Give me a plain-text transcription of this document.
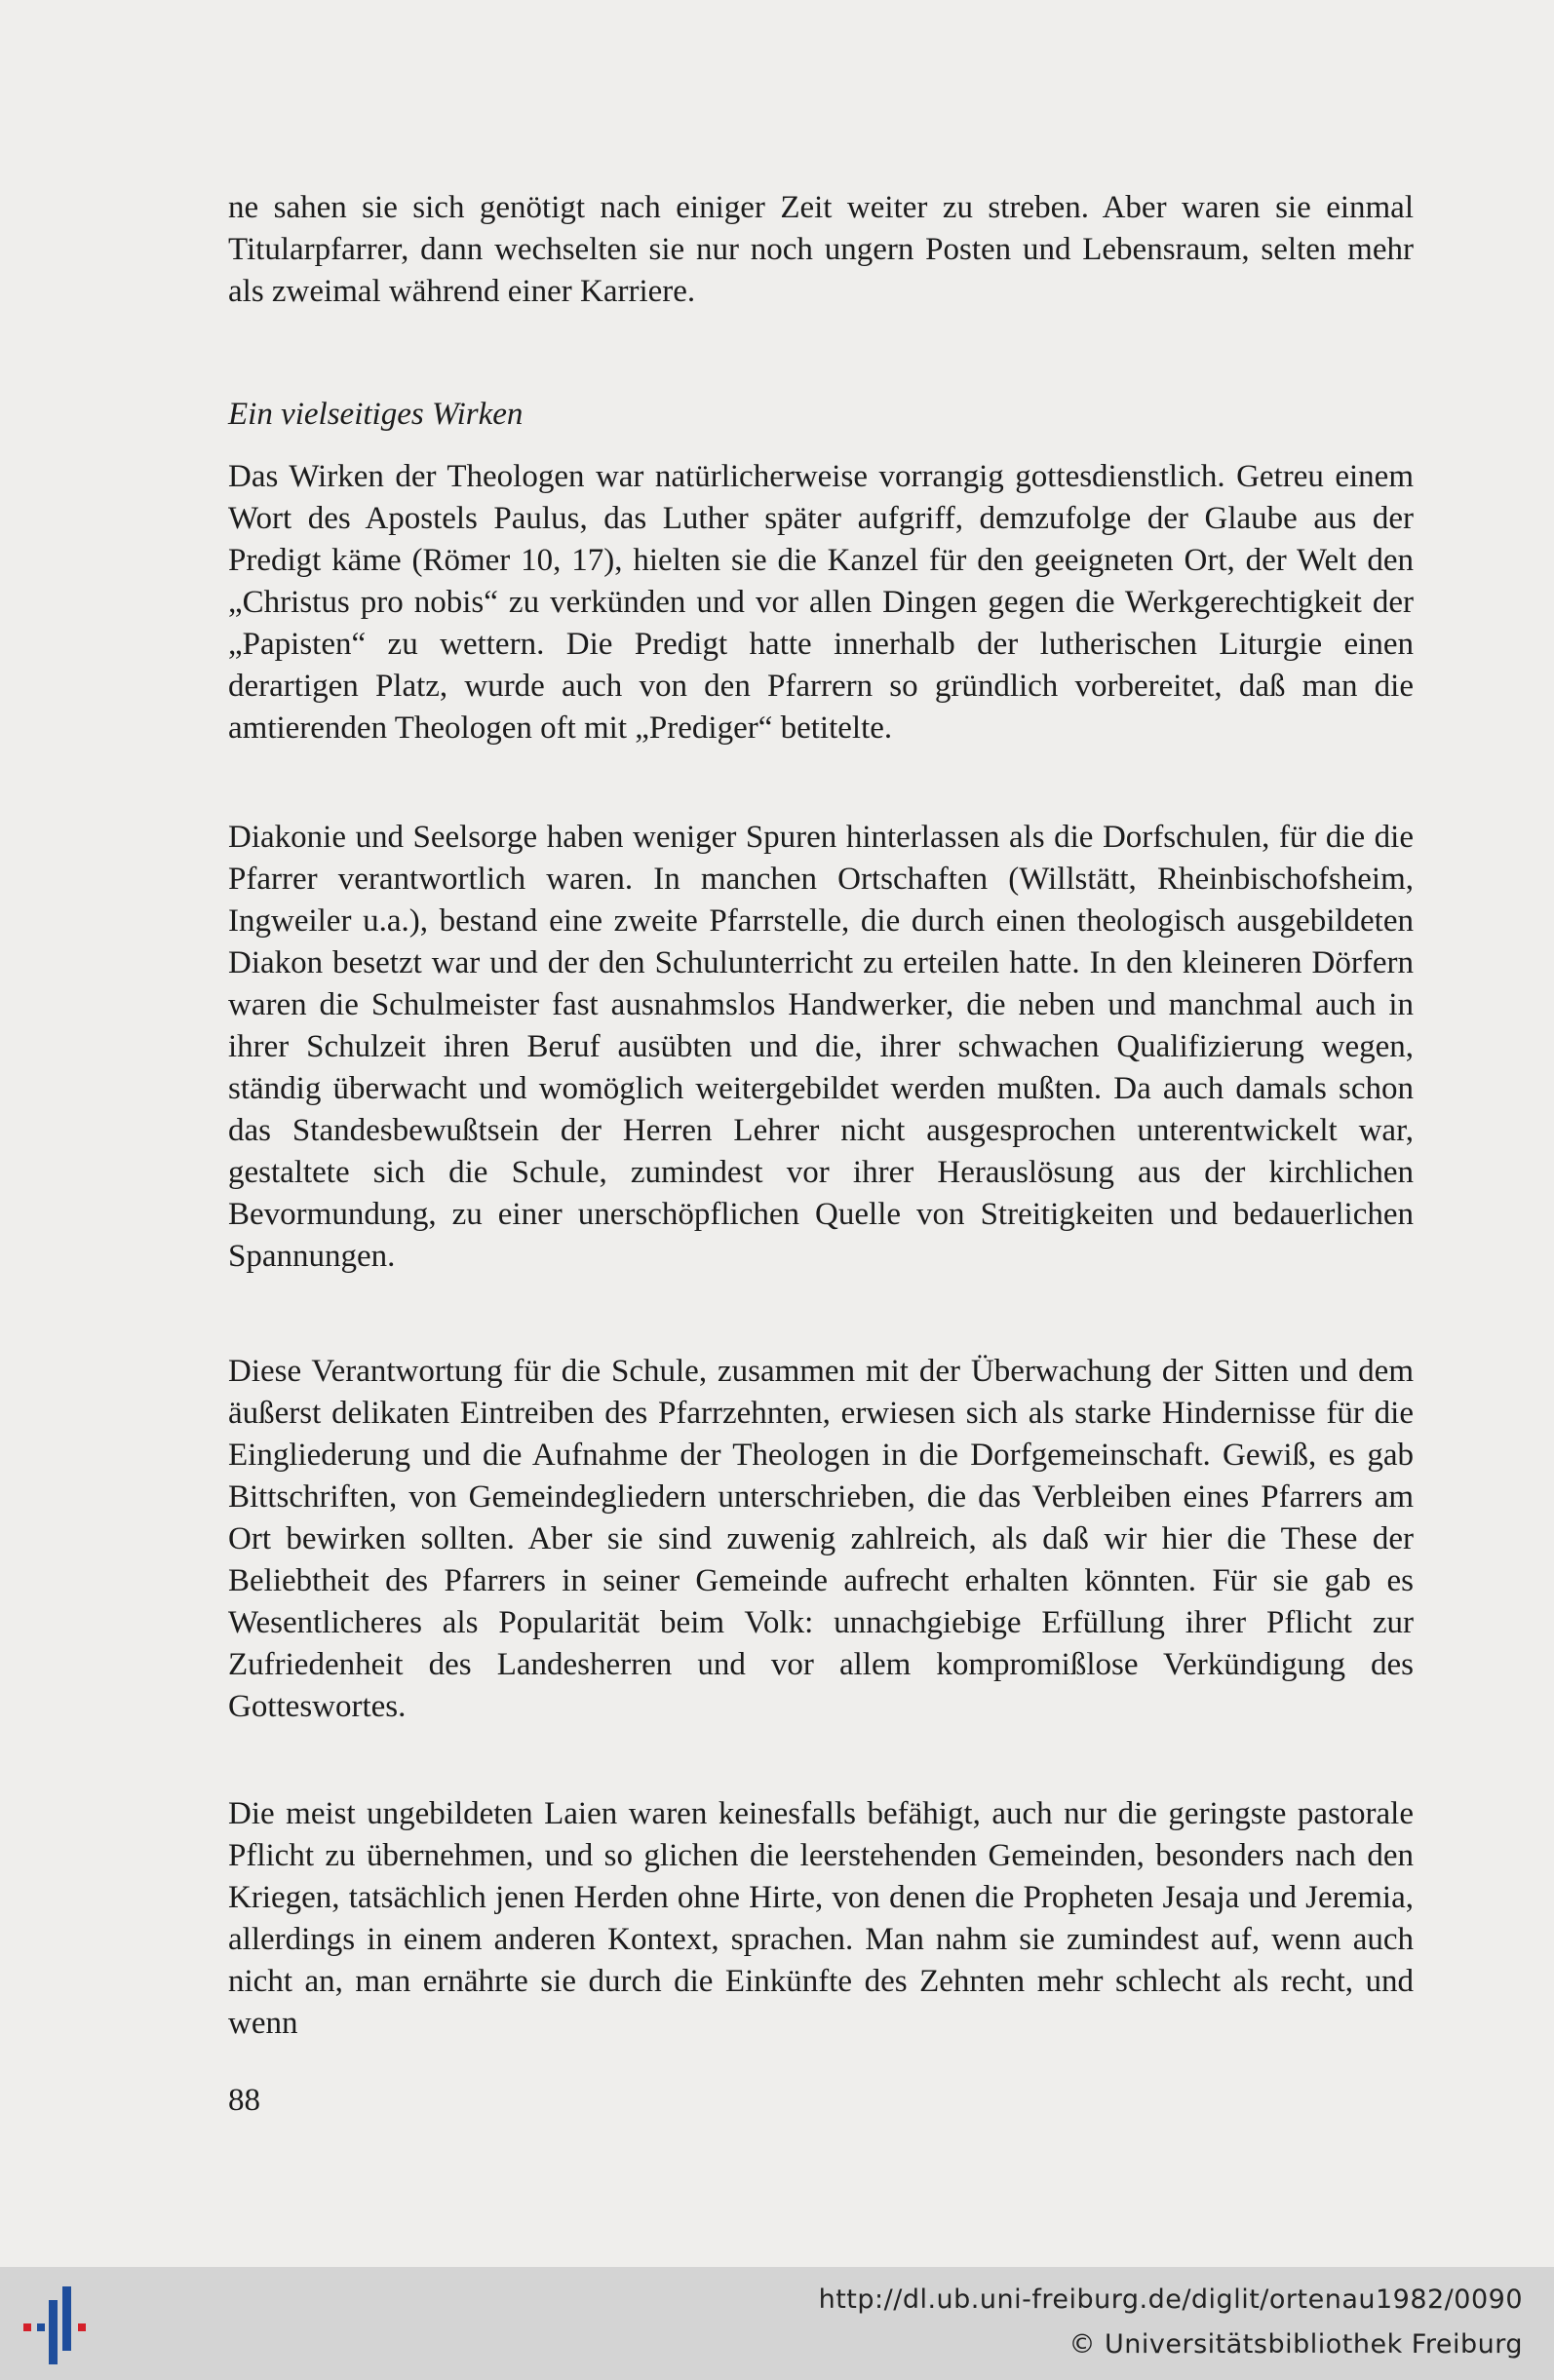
ne sahen sie sich genötigt nach einiger Zeit weiter zu streben. Aber waren sie einmal Titularpfarrer, dann wechselten sie nur noch ungern Posten und Lebensraum, selten mehr als zweimal während einer Karriere.

Ein vielseitiges Wirken

Das Wirken der Theologen war natürlicherweise vorrangig gottesdienstlich. Getreu einem Wort des Apostels Paulus, das Luther später aufgriff, demzufolge der Glaube aus der Predigt käme (Römer 10, 17), hielten sie die Kanzel für den geeigneten Ort, der Welt den „Christus pro nobis“ zu verkünden und vor allen Dingen gegen die Werkgerechtigkeit der „Papisten“ zu wettern. Die Predigt hatte innerhalb der lutherischen Liturgie einen derartigen Platz, wurde auch von den Pfarrern so gründlich vorbereitet, daß man die amtierenden Theologen oft mit „Prediger“ betitelte.

Diakonie und Seelsorge haben weniger Spuren hinterlassen als die Dorfschulen, für die die Pfarrer verantwortlich waren. In manchen Ortschaften (Willstätt, Rheinbischofsheim, Ingweiler u.a.), bestand eine zweite Pfarrstelle, die durch einen theologisch ausgebildeten Diakon besetzt war und der den Schulunterricht zu erteilen hatte. In den kleineren Dörfern waren die Schulmeister fast ausnahmslos Handwerker, die neben und manchmal auch in ihrer Schulzeit ihren Beruf ausübten und die, ihrer schwachen Qualifizierung wegen, ständig überwacht und womöglich weitergebildet werden mußten. Da auch damals schon das Standesbewußtsein der Herren Lehrer nicht ausgesprochen unterentwickelt war, gestaltete sich die Schule, zumindest vor ihrer Herauslösung aus der kirchlichen Bevormundung, zu einer unerschöpflichen Quelle von Streitigkeiten und bedauerlichen Spannungen.

Diese Verantwortung für die Schule, zusammen mit der Überwachung der Sitten und dem äußerst delikaten Eintreiben des Pfarrzehnten, erwiesen sich als starke Hindernisse für die Eingliederung und die Aufnahme der Theologen in die Dorfgemeinschaft. Gewiß, es gab Bittschriften, von Gemeindegliedern unterschrieben, die das Verbleiben eines Pfarrers am Ort bewirken sollten. Aber sie sind zuwenig zahlreich, als daß wir hier die These der Beliebtheit des Pfarrers in seiner Gemeinde aufrecht erhalten könnten. Für sie gab es Wesentlicheres als Popularität beim Volk: unnachgiebige Erfüllung ihrer Pflicht zur Zufriedenheit des Landesherren und vor allem kompromißlose Verkündigung des Gotteswortes.

Die meist ungebildeten Laien waren keinesfalls befähigt, auch nur die geringste pastorale Pflicht zu übernehmen, und so glichen die leerstehenden Gemeinden, besonders nach den Kriegen, tatsächlich jenen Herden ohne Hirte, von denen die Propheten Jesaja und Jeremia, allerdings in einem anderen Kontext, sprachen. Man nahm sie zumindest auf, wenn auch nicht an, man ernährte sie durch die Einkünfte des Zehnten mehr schlecht als recht, und wenn

88
http://dl.ub.uni-freiburg.de/diglit/ortenau1982/0090
© Universitätsbibliothek Freiburg
